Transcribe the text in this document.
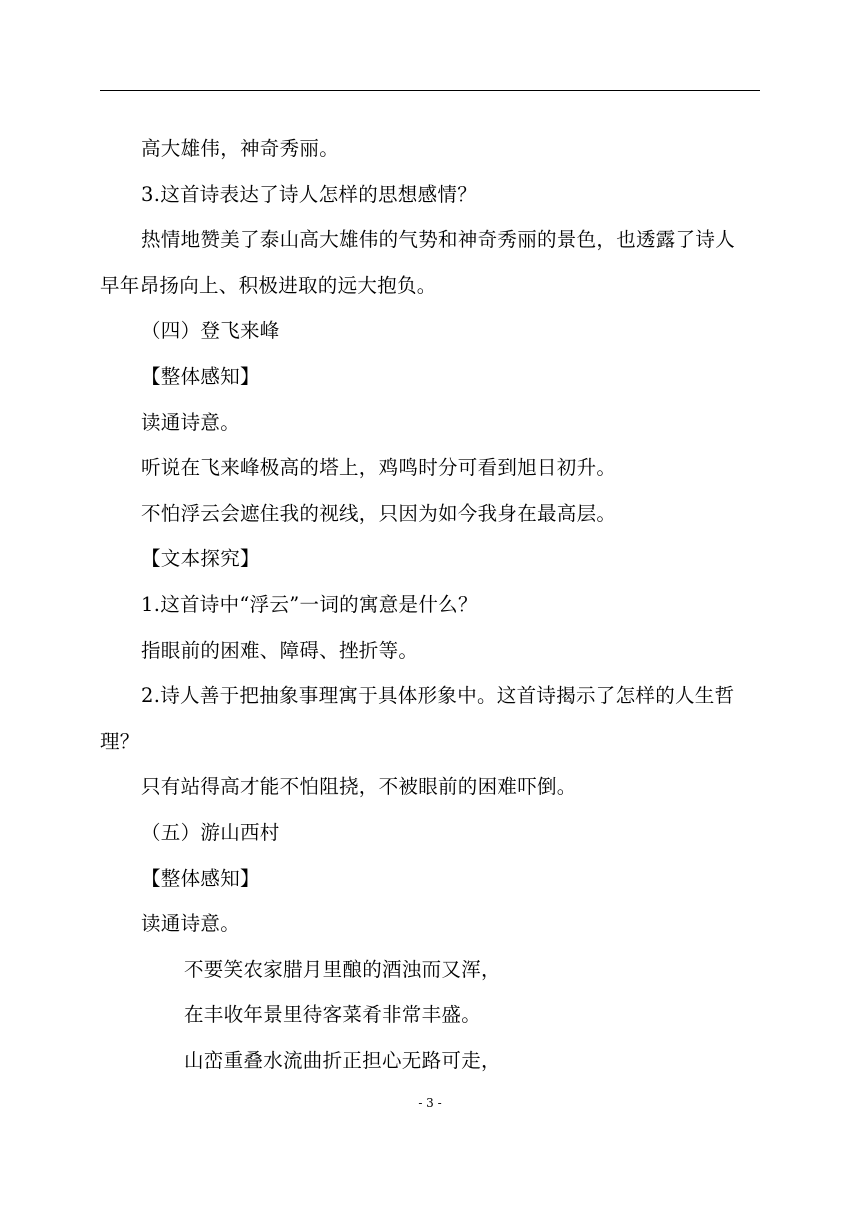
高大雄伟，神奇秀丽。
3.这首诗表达了诗人怎样的思想感情？
热情地赞美了泰山高大雄伟的气势和神奇秀丽的景色，也透露了诗人
早年昂扬向上、积极进取的远大抱负。
（四）登飞来峰
【整体感知】
读通诗意。
听说在飞来峰极高的塔上，鸡鸣时分可看到旭日初升。
不怕浮云会遮住我的视线，只因为如今我身在最高层。
【文本探究】
1.这首诗中“浮云”一词的寓意是什么？
指眼前的困难、障碍、挫折等。
2.诗人善于把抽象事理寓于具体形象中。这首诗揭示了怎样的人生哲
理？
只有站得高才能不怕阻挠，不被眼前的困难吓倒。
（五）游山西村
【整体感知】
读通诗意。
不要笑农家腊月里酿的酒浊而又浑，
在丰收年景里待客菜肴非常丰盛。
山峦重叠水流曲折正担心无路可走，
- 3 -
